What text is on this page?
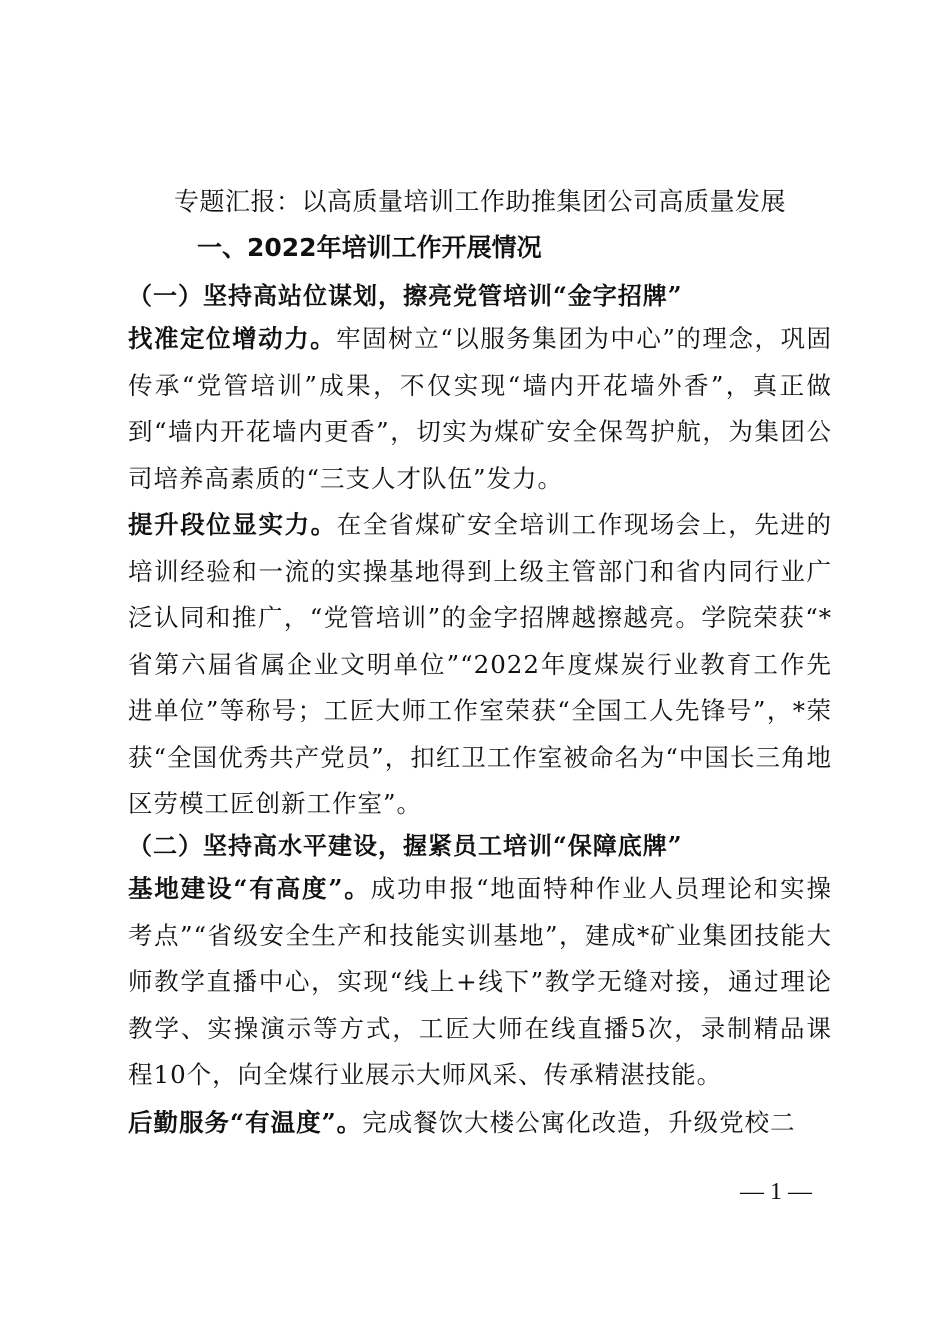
专题汇报：以高质量培训工作助推集团公司高质量发展
一、2022年培训工作开展情况
（一）坚持高站位谋划，擦亮党管培训“金字招牌”
找准定位增动力。牢固树立“以服务集团为中心”的理念，巩固传承“党管培训”成果，不仅实现“墙内开花墙外香”，真正做到“墙内开花墙内更香”，切实为煤矿安全保驾护航，为集团公司培养高素质的“三支人才队伍”发力。
提升段位显实力。在全省煤矿安全培训工作现场会上，先进的培训经验和一流的实操基地得到上级主管部门和省内同行业广泛认同和推广，“党管培训”的金字招牌越擦越亮。学院荣获“*省第六届省属企业文明单位”“2022年度煤炭行业教育工作先进单位”等称号；工匠大师工作室荣获“全国工人先锋号”，*荣获“全国优秀共产党员”，扣红卫工作室被命名为“中国长三角地区劳模工匠创新工作室”。
（二）坚持高水平建设，握紧员工培训“保障底牌”
基地建设“有高度”。成功申报“地面特种作业人员理论和实操考点”“省级安全生产和技能实训基地”，建成*矿业集团技能大师教学直播中心，实现“线上+线下”教学无缝对接，通过理论教学、实操演示等方式，工匠大师在线直播5次，录制精品课程10个，向全煤行业展示大师风采、传承精湛技能。
后勤服务“有温度”。完成餐饮大楼公寓化改造，升级党校二
— 1 —
